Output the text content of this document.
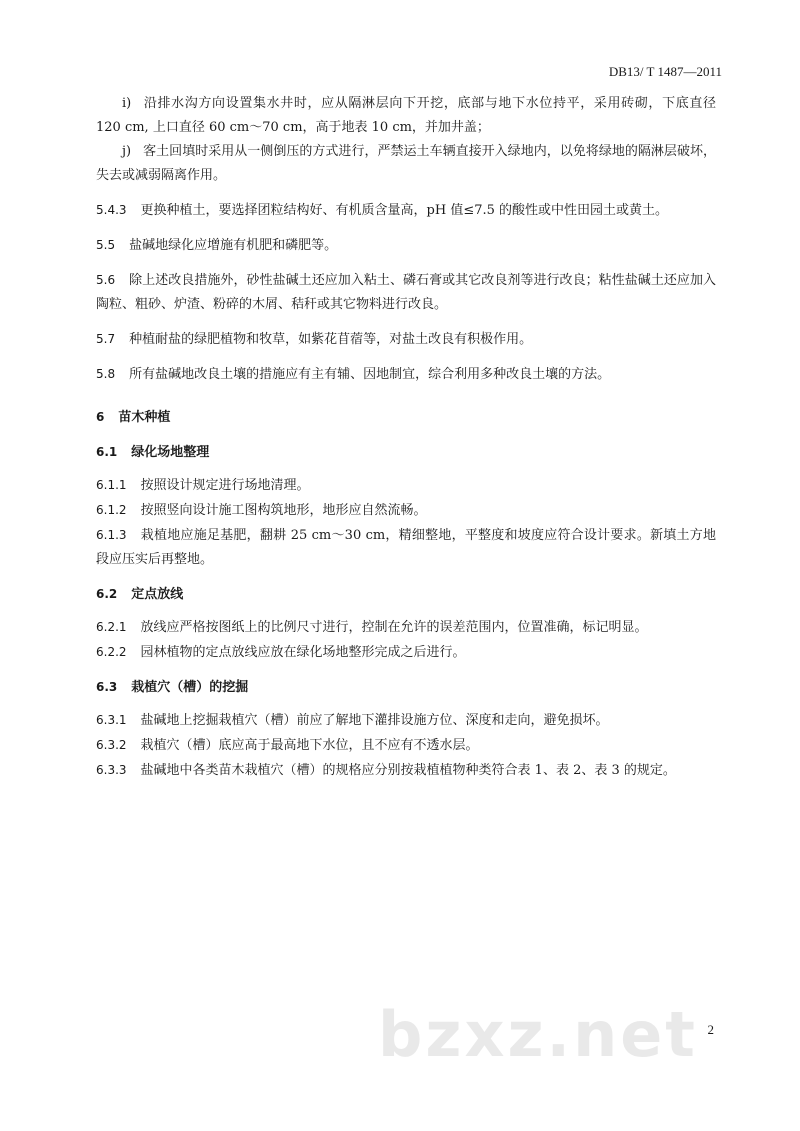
DB13/ T 1487—2011

i) 沿排水沟方向设置集水井时，应从隔淋层向下开挖，底部与地下水位持平，采用砖砌，下底直径 120 cm, 上口直径 60 cm～70 cm，高于地表 10 cm，并加井盖；

j) 客土回填时采用从一侧倒压的方式进行，严禁运土车辆直接开入绿地内，以免将绿地的隔淋层破坏，失去或减弱隔离作用。

5.4.3 更换种植土，要选择团粒结构好、有机质含量高，pH 值≤7.5 的酸性或中性田园土或黄土。

5.5 盐碱地绿化应增施有机肥和磷肥等。

5.6 除上述改良措施外，砂性盐碱土还应加入粘土、磷石膏或其它改良剂等进行改良；粘性盐碱土还应加入陶粒、粗砂、炉渣、粉碎的木屑、秸秆或其它物料进行改良。

5.7 种植耐盐的绿肥植物和牧草，如紫花苜蓿等，对盐土改良有积极作用。

5.8 所有盐碱地改良土壤的措施应有主有辅、因地制宜，综合利用多种改良土壤的方法。

6 苗木种植

6.1 绿化场地整理

6.1.1 按照设计规定进行场地清理。

6.1.2 按照竖向设计施工图构筑地形，地形应自然流畅。

6.1.3 栽植地应施足基肥，翻耕 25 cm～30 cm，精细整地，平整度和坡度应符合设计要求。新填土方地段应压实后再整地。

6.2 定点放线

6.2.1 放线应严格按图纸上的比例尺寸进行，控制在允许的误差范围内，位置准确，标记明显。

6.2.2 园林植物的定点放线应放在绿化场地整形完成之后进行。

6.3 栽植穴（槽）的挖掘

6.3.1 盐碱地上挖掘栽植穴（槽）前应了解地下灌排设施方位、深度和走向，避免损坏。

6.3.2 栽植穴（槽）底应高于最高地下水位，且不应有不透水层。

6.3.3 盐碱地中各类苗木栽植穴（槽）的规格应分别按栽植植物种类符合表 1、表 2、表 3 的规定。

bzxz.net 2
